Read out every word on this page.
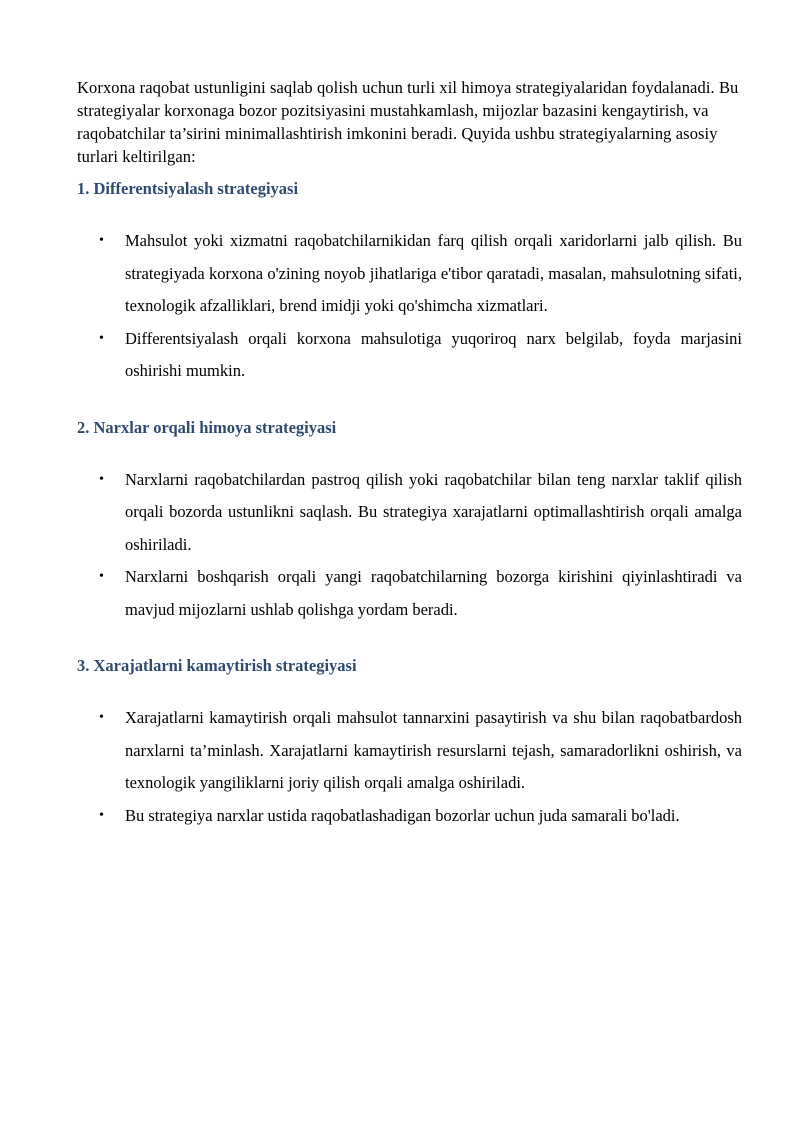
Korxona raqobat ustunligini saqlab qolish uchun turli xil himoya strategiyalaridan foydalanadi. Bu strategiyalar korxonaga bozor pozitsiyasini mustahkamlash, mijozlar bazasini kengaytirish, va raqobatchilar ta’sirini minimallashtirish imkonini beradi. Quyida ushbu strategiyalarning asosiy turlari keltirilgan:

1. Differentsiyalash strategiyasi
• Mahsulot yoki xizmatni raqobatchilarnikidan farq qilish orqali xaridorlarni jalb qilish. Bu strategiyada korxona o'zining noyob jihatlariga e'tibor qaratadi, masalan, mahsulotning sifati, texnologik afzalliklari, brend imidji yoki qo'shimcha xizmatlari.
• Differentsiyalash orqali korxona mahsulotiga yuqoriroq narx belgilab, foyda marjasini oshirishi mumkin.
2. Narxlar orqali himoya strategiyasi
• Narxlarni raqobatchilardan pastroq qilish yoki raqobatchilar bilan teng narxlar taklif qilish orqali bozorda ustunlikni saqlash. Bu strategiya xarajatlarni optimallashtirish orqali amalga oshiriladi.
• Narxlarni boshqarish orqali yangi raqobatchilarning bozorga kirishini qiyinlashtiradi va mavjud mijozlarni ushlab qolishga yordam beradi.
3. Xarajatlarni kamaytirish strategiyasi
• Xarajatlarni kamaytirish orqali mahsulot tannarxini pasaytirish va shu bilan raqobatbardosh narxlarni ta’minlash. Xarajatlarni kamaytirish resurslarni tejash, samaradorlikni oshirish, va texnologik yangiliklarni joriy qilish orqali amalga oshiriladi.
• Bu strategiya narxlar ustida raqobatlashadigan bozorlar uchun juda samarali bo'ladi.
